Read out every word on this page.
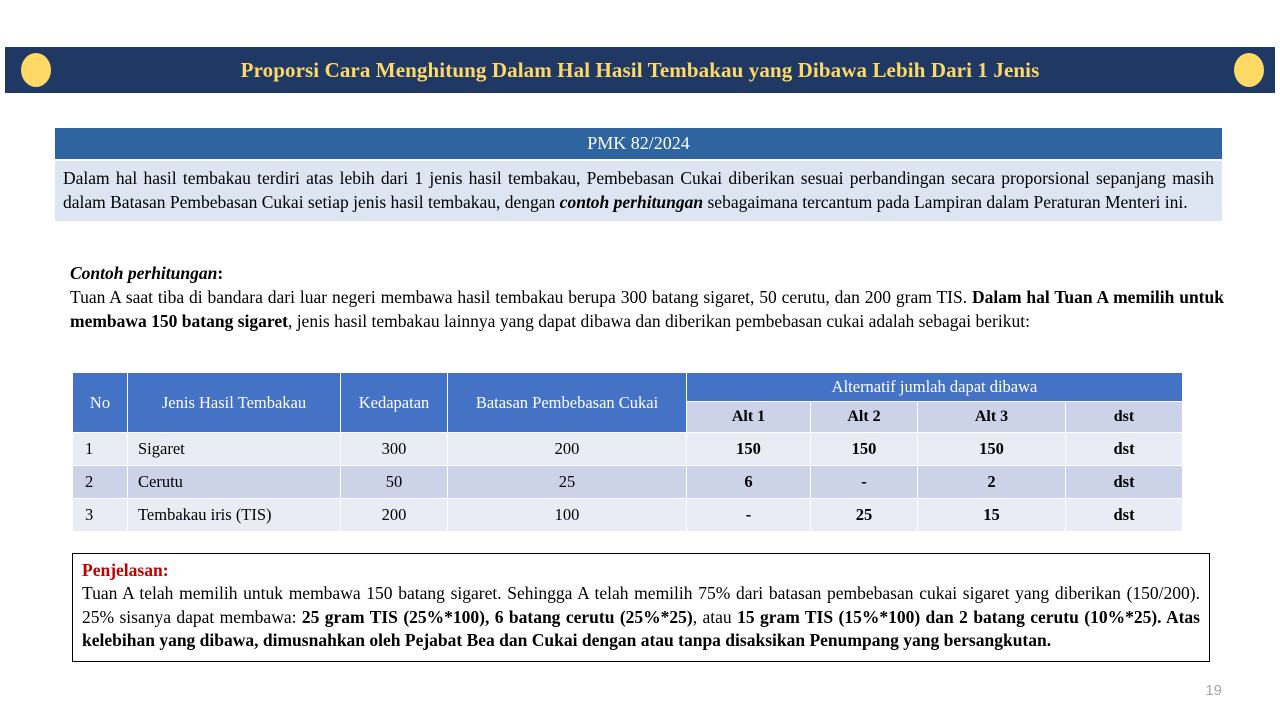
Proporsi Cara Menghitung Dalam Hal Hasil Tembakau yang Dibawa Lebih Dari 1 Jenis
PMK 82/2024

Dalam hal hasil tembakau terdiri atas lebih dari 1 jenis hasil tembakau, Pembebasan Cukai diberikan sesuai perbandingan secara proporsional sepanjang masih dalam Batasan Pembebasan Cukai setiap jenis hasil tembakau, dengan contoh perhitungan sebagaimana tercantum pada Lampiran dalam Peraturan Menteri ini.

Contoh perhitungan:

Tuan A saat tiba di bandara dari luar negeri membawa hasil tembakau berupa 300 batang sigaret, 50 cerutu, dan 200 gram TIS. Dalam hal Tuan A memilih untuk membawa 150 batang sigaret, jenis hasil tembakau lainnya yang dapat dibawa dan diberikan pembebasan cukai adalah sebagai berikut:

No	Jenis Hasil Tembakau	Kedapatan	Batasan Pembebasan Cukai	Alternatif jumlah dapat dibawa			
				Alt 1	Alt 2	Alt 3	dst
1	Sigaret	300	200	150	150	150	dst
2	Cerutu	50	25	6	-	2	dst
3	Tembakau iris (TIS)	200	100	-	25	15	dst
Penjelasan:

Tuan A telah memilih untuk membawa 150 batang sigaret. Sehingga A telah memilih 75% dari batasan pembebasan cukai sigaret yang diberikan (150/200). 25% sisanya dapat membawa: 25 gram TIS (25%*100), 6 batang cerutu (25%*25), atau 15 gram TIS (15%*100) dan 2 batang cerutu (10%*25). Atas kelebihan yang dibawa, dimusnahkan oleh Pejabat Bea dan Cukai dengan atau tanpa disaksikan Penumpang yang bersangkutan.

19
